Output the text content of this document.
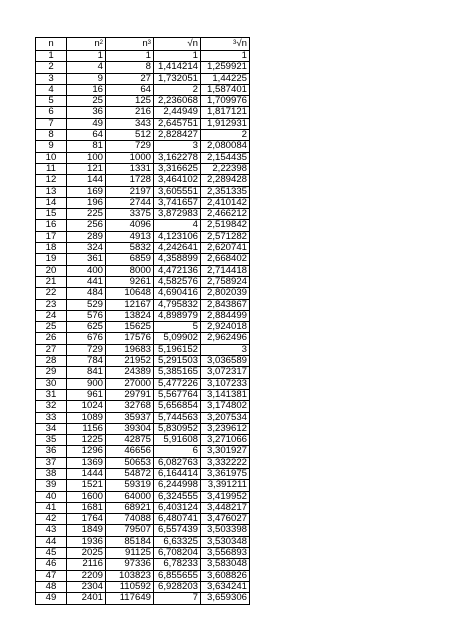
n	$n^2$	$n^3$	√n	$^3$√n
1	1	1	1	1
2	4	8	1,414214	1,259921
3	9	27	1,732051	1,44225
4	16	64	2	1,587401
5	25	125	2,236068	1,709976
6	36	216	2,44949	1,817121
7	49	343	2,645751	1,912931
8	64	512	2,828427	2
9	81	729	3	2,080084
10	100	1000	3,162278	2,154435
11	121	1331	3,316625	2,22398
12	144	1728	3,464102	2,289428
13	169	2197	3,605551	2,351335
14	196	2744	3,741657	2,410142
15	225	3375	3,872983	2,466212
16	256	4096	4	2,519842
17	289	4913	4,123106	2,571282
18	324	5832	4,242641	2,620741
19	361	6859	4,358899	2,668402
20	400	8000	4,472136	2,714418
21	441	9261	4,582576	2,758924
22	484	10648	4,690416	2,802039
23	529	12167	4,795832	2,843867
24	576	13824	4,898979	2,884499
25	625	15625	5	2,924018
26	676	17576	5,09902	2,962496
27	729	19683	5,196152	3
28	784	21952	5,291503	3,036589
29	841	24389	5,385165	3,072317
30	900	27000	5,477226	3,107233
31	961	29791	5,567764	3,141381
32	1024	32768	5,656854	3,174802
33	1089	35937	5,744563	3,207534
34	1156	39304	5,830952	3,239612
35	1225	42875	5,91608	3,271066
36	1296	46656	6	3,301927
37	1369	50653	6,082763	3,332222
38	1444	54872	6,164414	3,361975
39	1521	59319	6,244998	3,391211
40	1600	64000	6,324555	3,419952
41	1681	68921	6,403124	3,448217
42	1764	74088	6,480741	3,476027
43	1849	79507	6,557439	3,503398
44	1936	85184	6,63325	3,530348
45	2025	91125	6,708204	3,556893
46	2116	97336	6,78233	3,583048
47	2209	103823	6,855655	3,608826
48	2304	110592	6,928203	3,634241
49	2401	117649	7	3,659306
